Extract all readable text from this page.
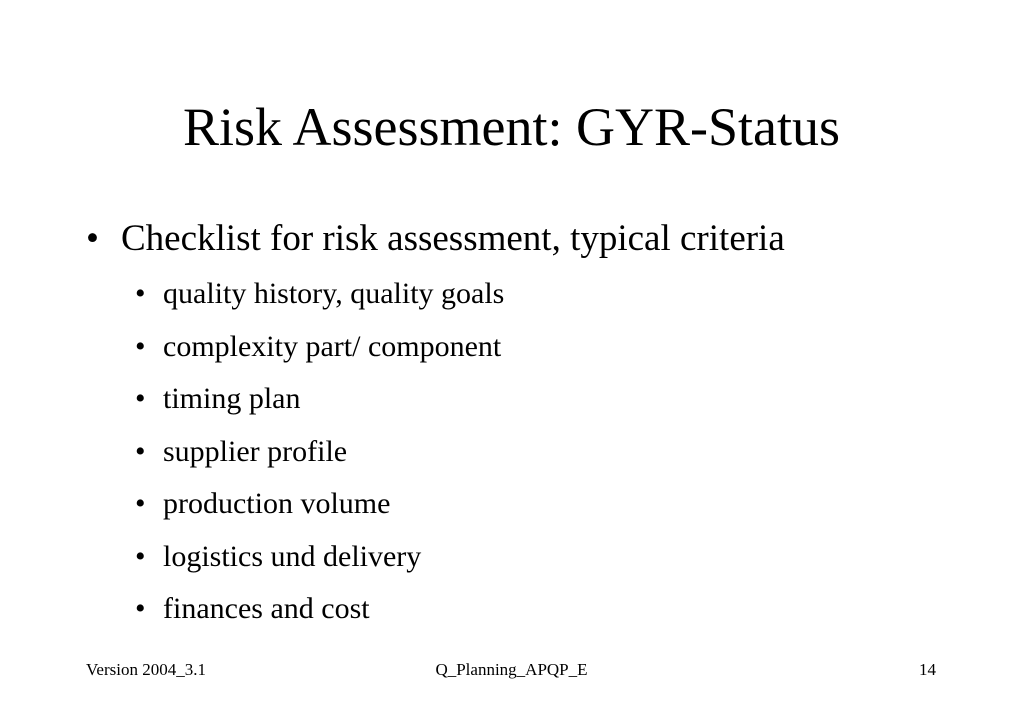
Risk Assessment: GYR-Status
• Checklist for risk assessment, typical criteria
• quality history, quality goals
• complexity part/ component
• timing plan
• supplier profile
• production volume
• logistics und delivery
• finances and cost
Version 2004_3.1	Q_Planning_APQP_E	14
